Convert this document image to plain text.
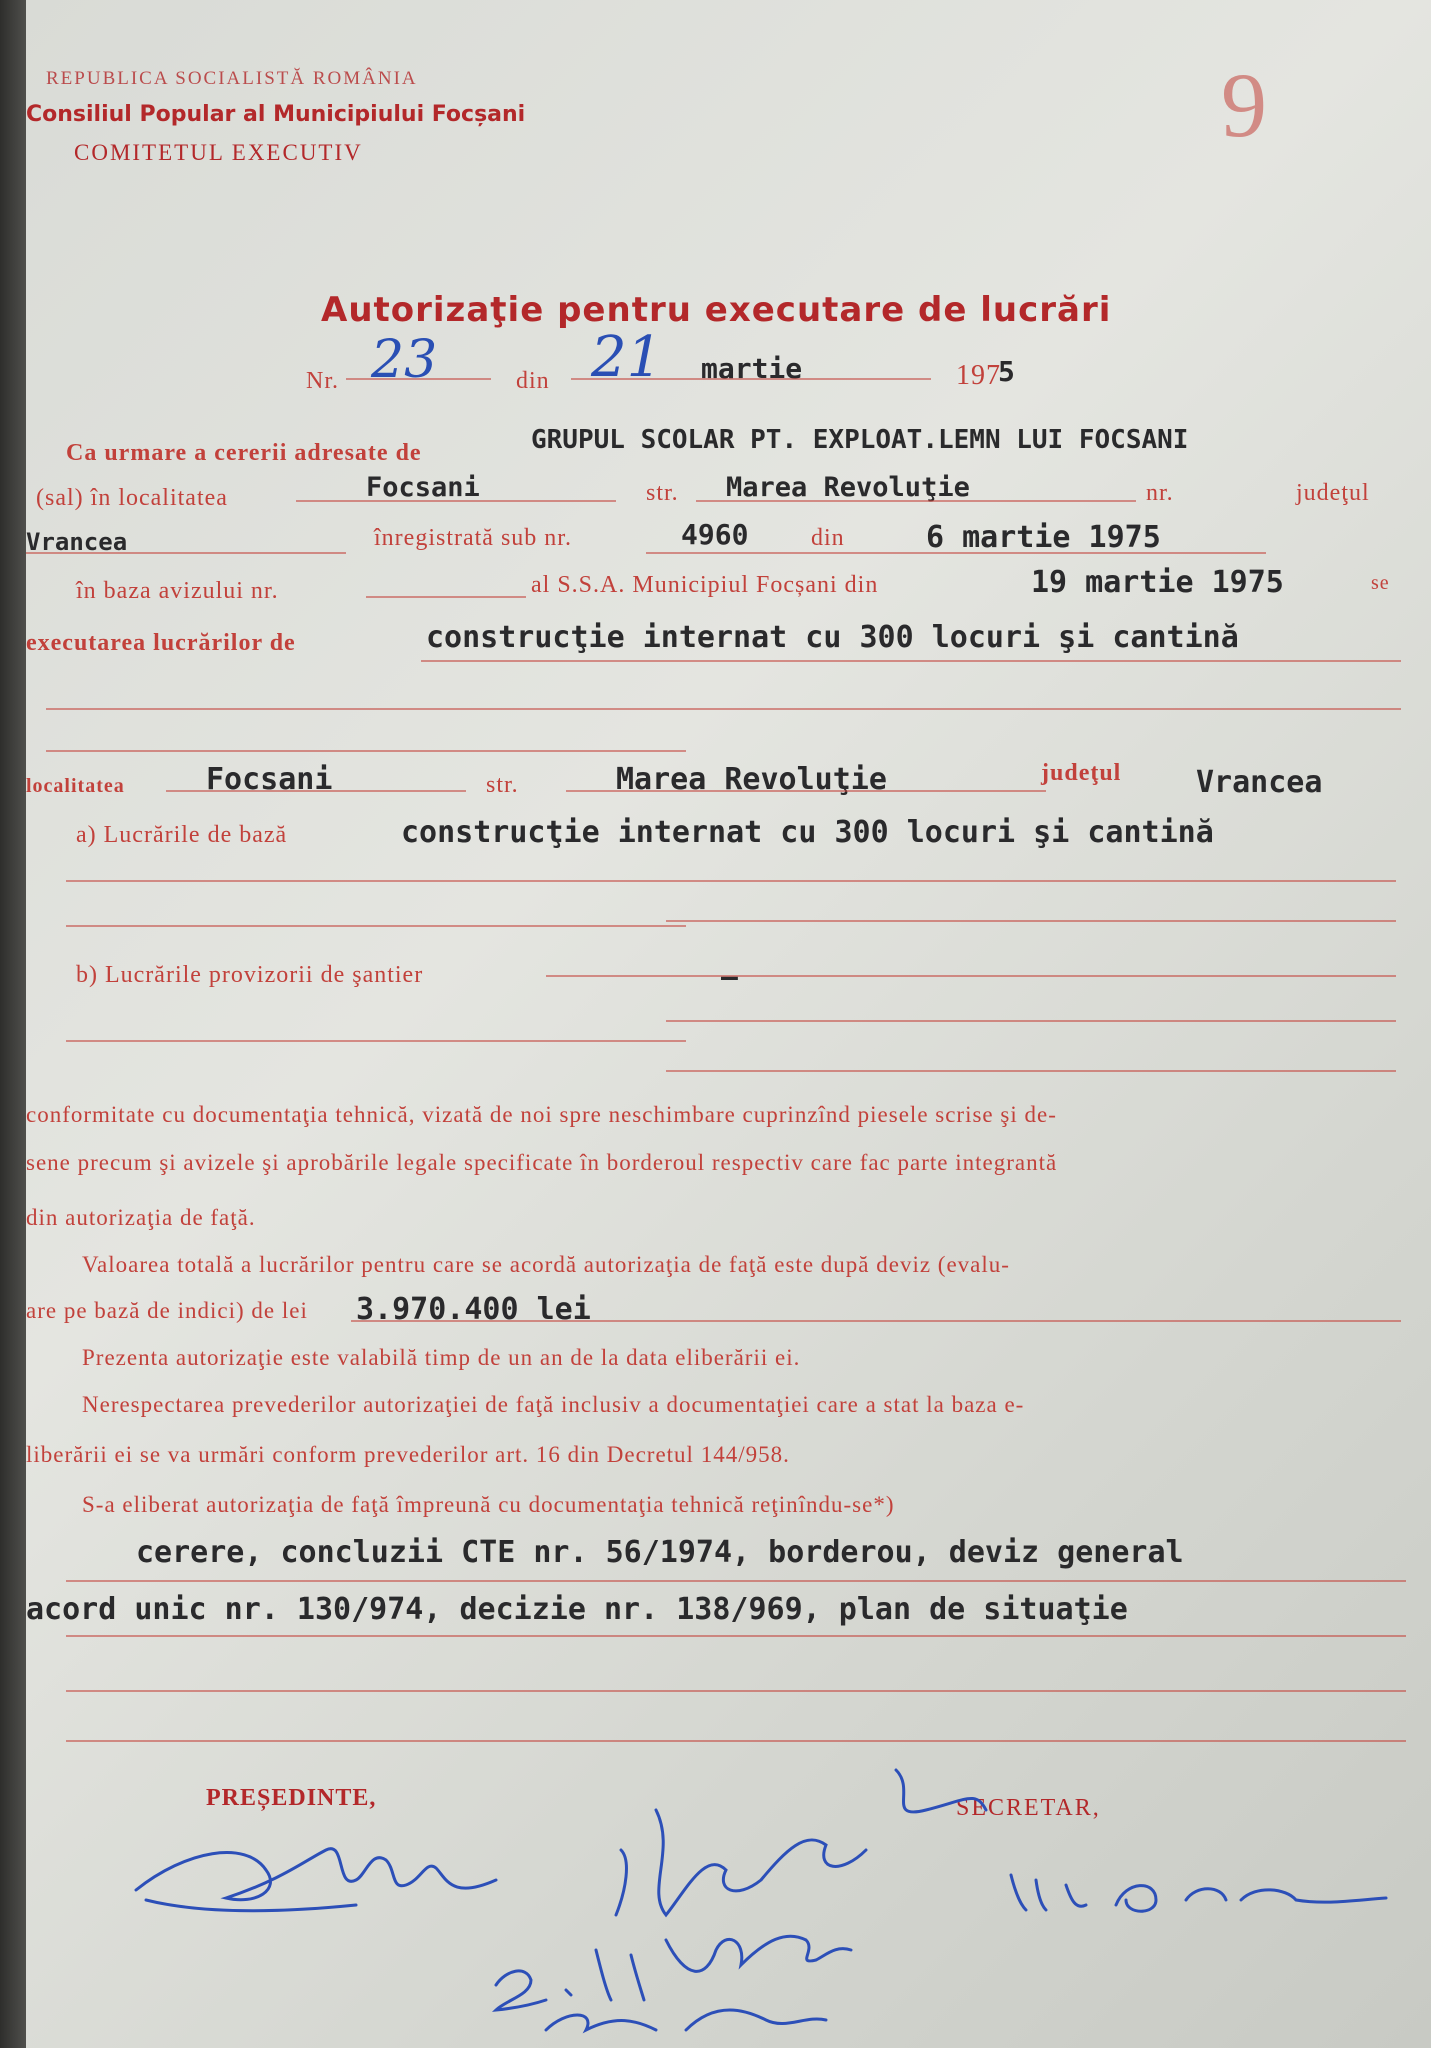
REPUBLICA SOCIALISTĂ ROMÂNIA
Consiliul Popular al Municipiului Focșani
COMITETUL EXECUTIV	9
Autorizaţie pentru executare de lucrări
Nr. 23	din 21 martie	197
5
Ca urmare a cererii adresate de	GRUPUL SCOLAR PT. EXPLOAT.LEMN LUI FOCSANI
(sal) în localitatea	Focsani	str. Marea Revoluţie	nr.	judeţul
Vrancea	înregistrată sub nr.	4960	din	6 martie 1975
în baza avizului nr.	al S.S.A. Municipiul Focșani din	19 martie 1975	se
executarea lucrărilor de	construcţie internat cu 300 locuri şi cantină
localitatea	Focsani	str.	Marea Revoluţie	judeţul Vrancea
a) Lucrările de bază	construcţie internat cu 300 locuri şi cantină
b) Lucrările provizorii de şantier	—
conformitate cu documentaţia tehnică, vizată de noi spre neschimbare cuprinzînd piesele scrise şi de-
sene precum şi avizele şi aprobările legale specificate în borderoul respectiv care fac parte integrantă
din autorizaţia de faţă.
Valoarea totală a lucrărilor pentru care se acordă autorizaţia de faţă este după deviz (evalu-
are pe bază de indici) de lei 3.970.400 lei
Prezenta autorizaţie este valabilă timp de un an de la data eliberării ei.
Nerespectarea prevederilor autorizaţiei de faţă inclusiv a documentaţiei care a stat la baza e-
liberării ei se va urmări conform prevederilor art. 16 din Decretul 144/958.
S-a eliberat autorizaţia de faţă împreună cu documentaţia tehnică reţinîndu-se*)
cerere, concluzii CTE nr. 56/1974, borderou, deviz general
acord unic nr. 130/974, decizie nr. 138/969, plan de situaţie
PREȘEDINTE,	SECRETAR,
